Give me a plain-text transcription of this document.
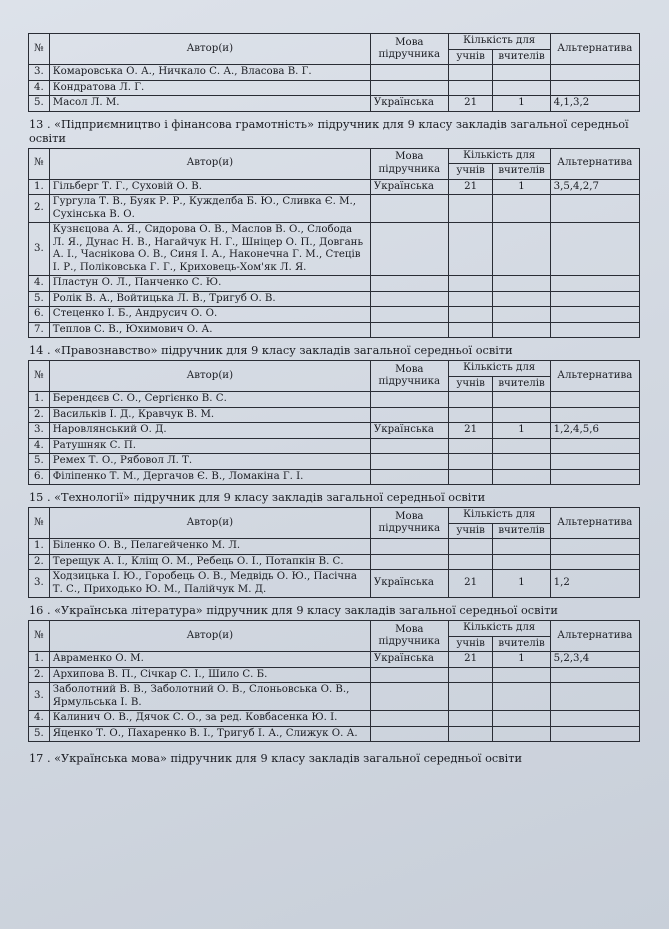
№	Автор(и)	Мова підручника	Кількість для		Альтернатива
			учнів	вчителів	
3.	Комаровська О. А., Ничкало С. А., Власова В. Г.				
4.	Кондратова Л. Г.				
5.	Масол Л. М.	Українська	21	1	4,1,3,2
13 . «Підприємництво і фінансова грамотність» підручник для 9 класу закладів загальної середньої освіти
№	Автор(и)	Мова підручника	Кількість для		Альтернатива
			учнів	вчителів	
1.	Гільберг Т. Г., Суховій О. В.	Українська	21	1	3,5,4,2,7
2.	Гургула Т. В., Буяк Р. Р., Кужделба Б. Ю., Сливка Є. М., Сухінська В. О.				
3.	Кузнєцова А. Я., Сидорова О. В., Маслов В. О., Слобода Л. Я., Дунас Н. В., Нагайчук Н. Г., Шніцер О. П., Довгань А. І., Часнікова О. В., Синя І. А., Наконечна Г. М., Стеців І. Р., Поліковська Г. Г., Криховець-Хом'як Л. Я.				
4.	Пластун О. Л., Панченко С. Ю.				
5.	Ролік В. А., Войтицька Л. В., Тригуб О. В.				
6.	Стеценко І. Б., Андрусич О. О.				
7.	Теплов С. В., Юхимович О. А.				
14 . «Правознавство» підручник для 9 класу закладів загальної середньої освіти
№	Автор(и)	Мова підручника	Кількість для		Альтернатива
			учнів	вчителів	
1.	Берендєєв С. О., Сергієнко В. С.				
2.	Васильків І. Д., Кравчук В. М.				
3.	Наровлянський О. Д.	Українська	21	1	1,2,4,5,6
4.	Ратушняк С. П.				
5.	Ремех Т. О., Рябовол Л. Т.				
6.	Філіпенко Т. М., Дергачов Є. В., Ломакіна Г. І.				
15 . «Технології» підручник для 9 класу закладів загальної середньої освіти
№	Автор(и)	Мова підручника	Кількість для		Альтернатива
			учнів	вчителів	
1.	Біленко О. В., Пелагейченко М. Л.				
2.	Терещук А. І., Кліщ О. М., Ребець О. І., Потапкін В. С.				
3.	Ходзицька І. Ю., Горобець О. В., Медвідь О. Ю., Пасічна Т. С., Приходько Ю. М., Палійчук М. Д.	Українська	21	1	1,2
16 . «Українська література» підручник для 9 класу закладів загальної середньої освіти
№	Автор(и)	Мова підручника	Кількість для		Альтернатива
			учнів	вчителів	
1.	Авраменко О. М.	Українська	21	1	5,2,3,4
2.	Архипова В. П., Січкар С. І., Шило С. Б.				
3.	Заболотний В. В., Заболотний О. В., Слоньовська О. В., Ярмульська І. В.				
4.	Калинич О. В., Дячок С. О., за ред. Ковбасенка Ю. І.				
5.	Яценко Т. О., Пахаренко В. І., Тригуб І. А., Слижук О. А.				
17 . «Українська мова» підручник для 9 класу закладів загальної середньої освіти
